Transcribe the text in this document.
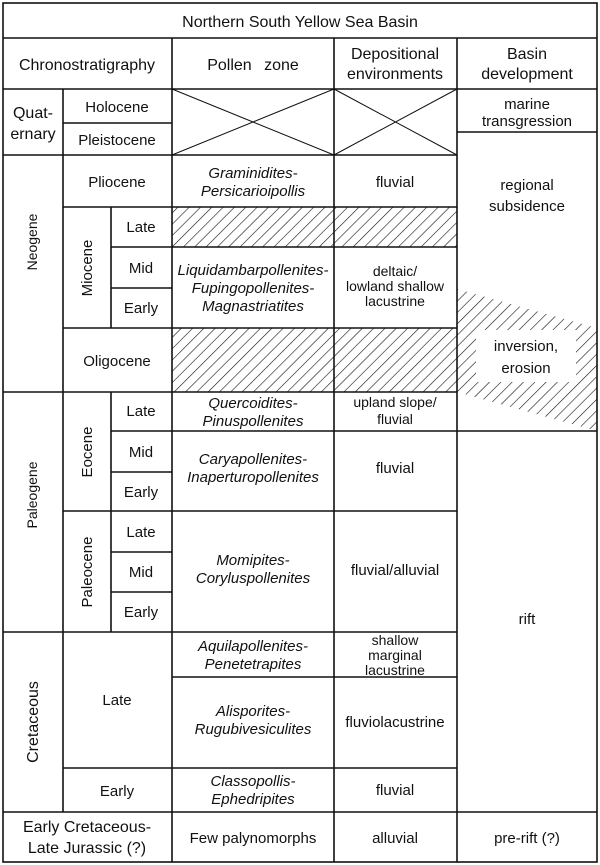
Northern South Yellow Sea Basin
Chronostratigraphy	Pollen zone
Depositional
environments
Basin
development
Quat-
ernary
Neogene
Paleogene
Cretaceous
Early Cretaceous-
Late Jurassic (?)
Holocene
Pleistocene
Pliocene
Miocene
Oligocene
Eocene
Paleocene
Late
Early
Late
Mid
Early
Late
Mid
Early
Late
Mid
Early
Graminidites-
Persicarioipollis
Liquidambarpollenites-
Fupingopollenites-
Magnastriatites
Quercoidites-
Pinuspollenites
Caryapollenites-
Inaperturopollenites
Momipites-
Coryluspollenites
Aquilapollenites-
Penetetrapites
Alisporites-
Rugubivesiculites
Classopollis-
Ephedripites
Few palynomorphs
fluvial
deltaic/
lowland shallow
lacustrine
upland slope/
fluvial
fluvial
fluvial/alluvial
shallow
marginal
lacustrine
fluviolacustrine
fluvial
alluvial
marine
transgression
regional
subsidence
inversion,
erosion
rift
pre-rift (?)
